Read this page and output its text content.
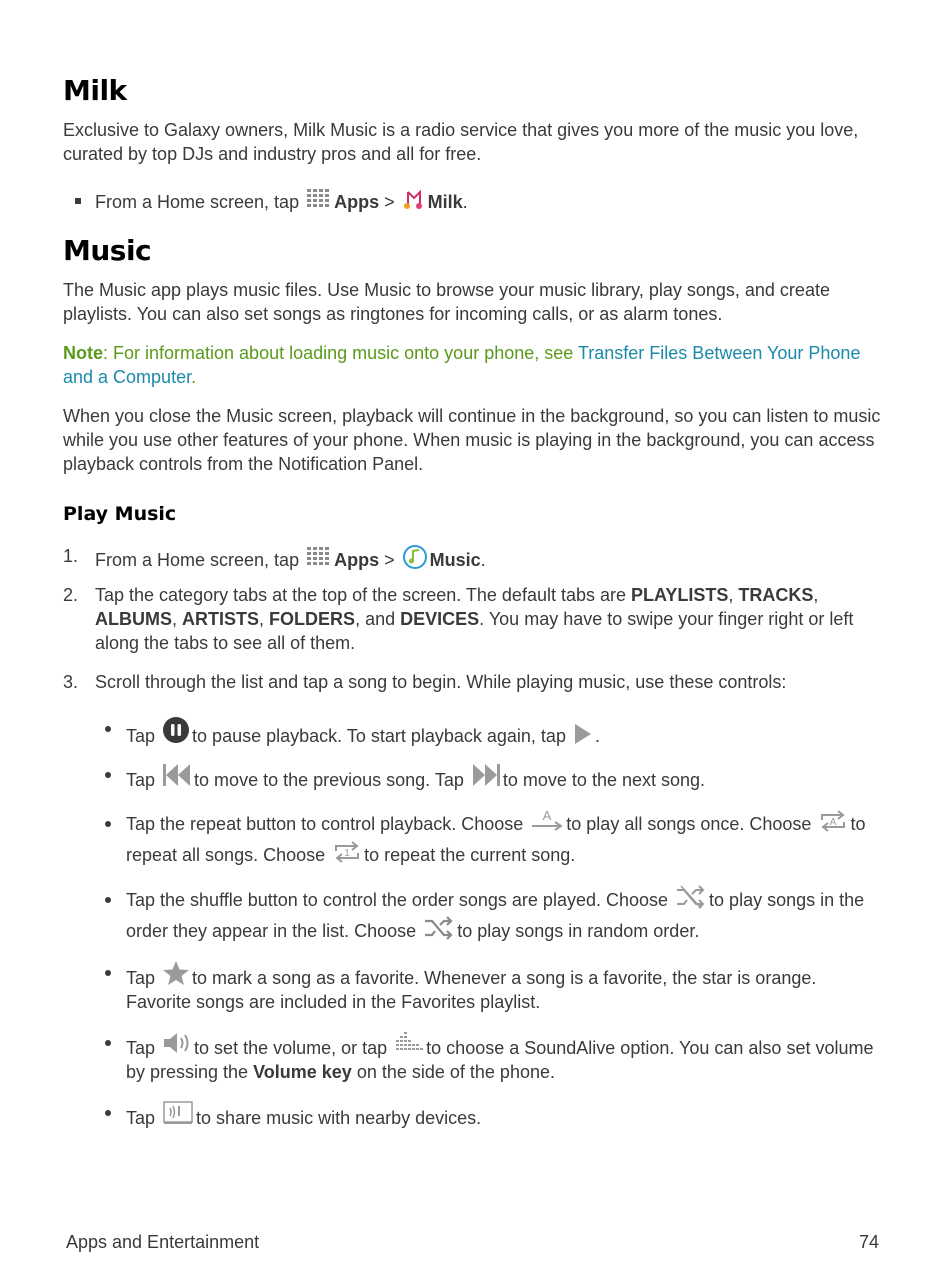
Milk

Exclusive to Galaxy owners, Milk Music is a radio service that gives you more of the music you love, curated by top DJs and industry pros and all for free.

From a Home screen, tap Apps > Milk.
Music

The Music app plays music files. Use Music to browse your music library, play songs, and create playlists. You can also set songs as ringtones for incoming calls, or as alarm tones.

Note: For information about loading music onto your phone, see Transfer Files Between Your Phone and a Computer.

When you close the Music screen, playback will continue in the background, so you can listen to music while you use other features of your phone. When music is playing in the background, you can access playback controls from the Notification Panel.

Play Music
1. From a Home screen, tap Apps > Music.
2. Tap the category tabs at the top of the screen. The default tabs are PLAYLISTS, TRACKS, ALBUMS, ARTISTS, FOLDERS, and DEVICES. You may have to swipe your finger right or left along the tabs to see all of them.
3. Scroll through the list and tap a song to begin. While playing music, use these controls:
Tap to pause playback. To start playback again, tap .
Tap to move to the previous song. Tap to move to the next song.
Tap the repeat button to control playback. Choose A to play all songs once. Choose A to repeat all songs. Choose 1 to repeat the current song.
Tap the shuffle button to control the order songs are played. Choose to play songs in the order they appear in the list. Choose to play songs in random order.
Tap to mark a song as a favorite. Whenever a song is a favorite, the star is orange. Favorite songs are included in the Favorites playlist.
Tap to set the volume, or tap to choose a SoundAlive option. You can also set volume by pressing the Volume key on the side of the phone.
Tap to share music with nearby devices.
Apps and Entertainment	74
